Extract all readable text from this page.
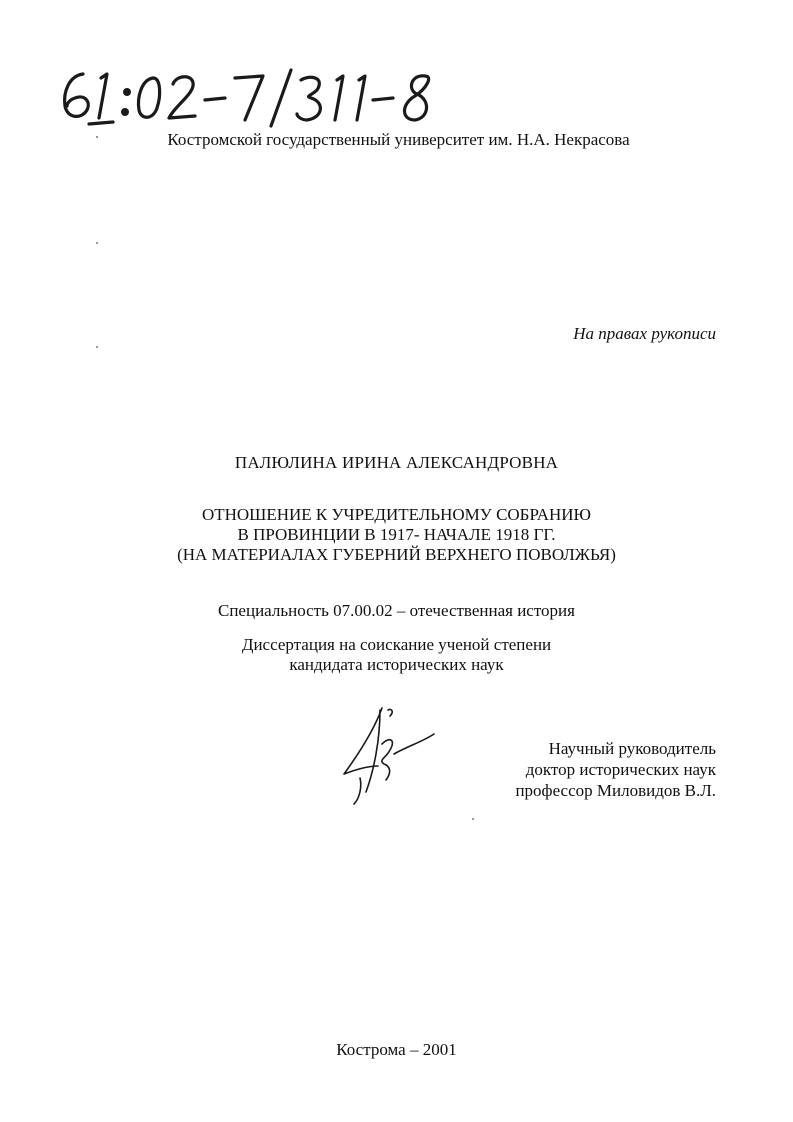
Костромской государственный университет им. Н.А. Некрасова
На правах рукописи
ПАЛЮЛИНА ИРИНА АЛЕКСАНДРОВНА
ОТНОШЕНИЕ К УЧРЕДИТЕЛЬНОМУ СОБРАНИЮ
В ПРОВИНЦИИ В 1917- НАЧАЛЕ 1918 ГГ.
(НА МАТЕРИАЛАХ ГУБЕРНИЙ ВЕРХНЕГО ПОВОЛЖЬЯ)
Специальность 07.00.02 – отечественная история
Диссертация на соискание ученой степени
кандидата исторических наук
Научный руководитель
доктор исторических наук
профессор Миловидов В.Л.
Кострома – 2001
